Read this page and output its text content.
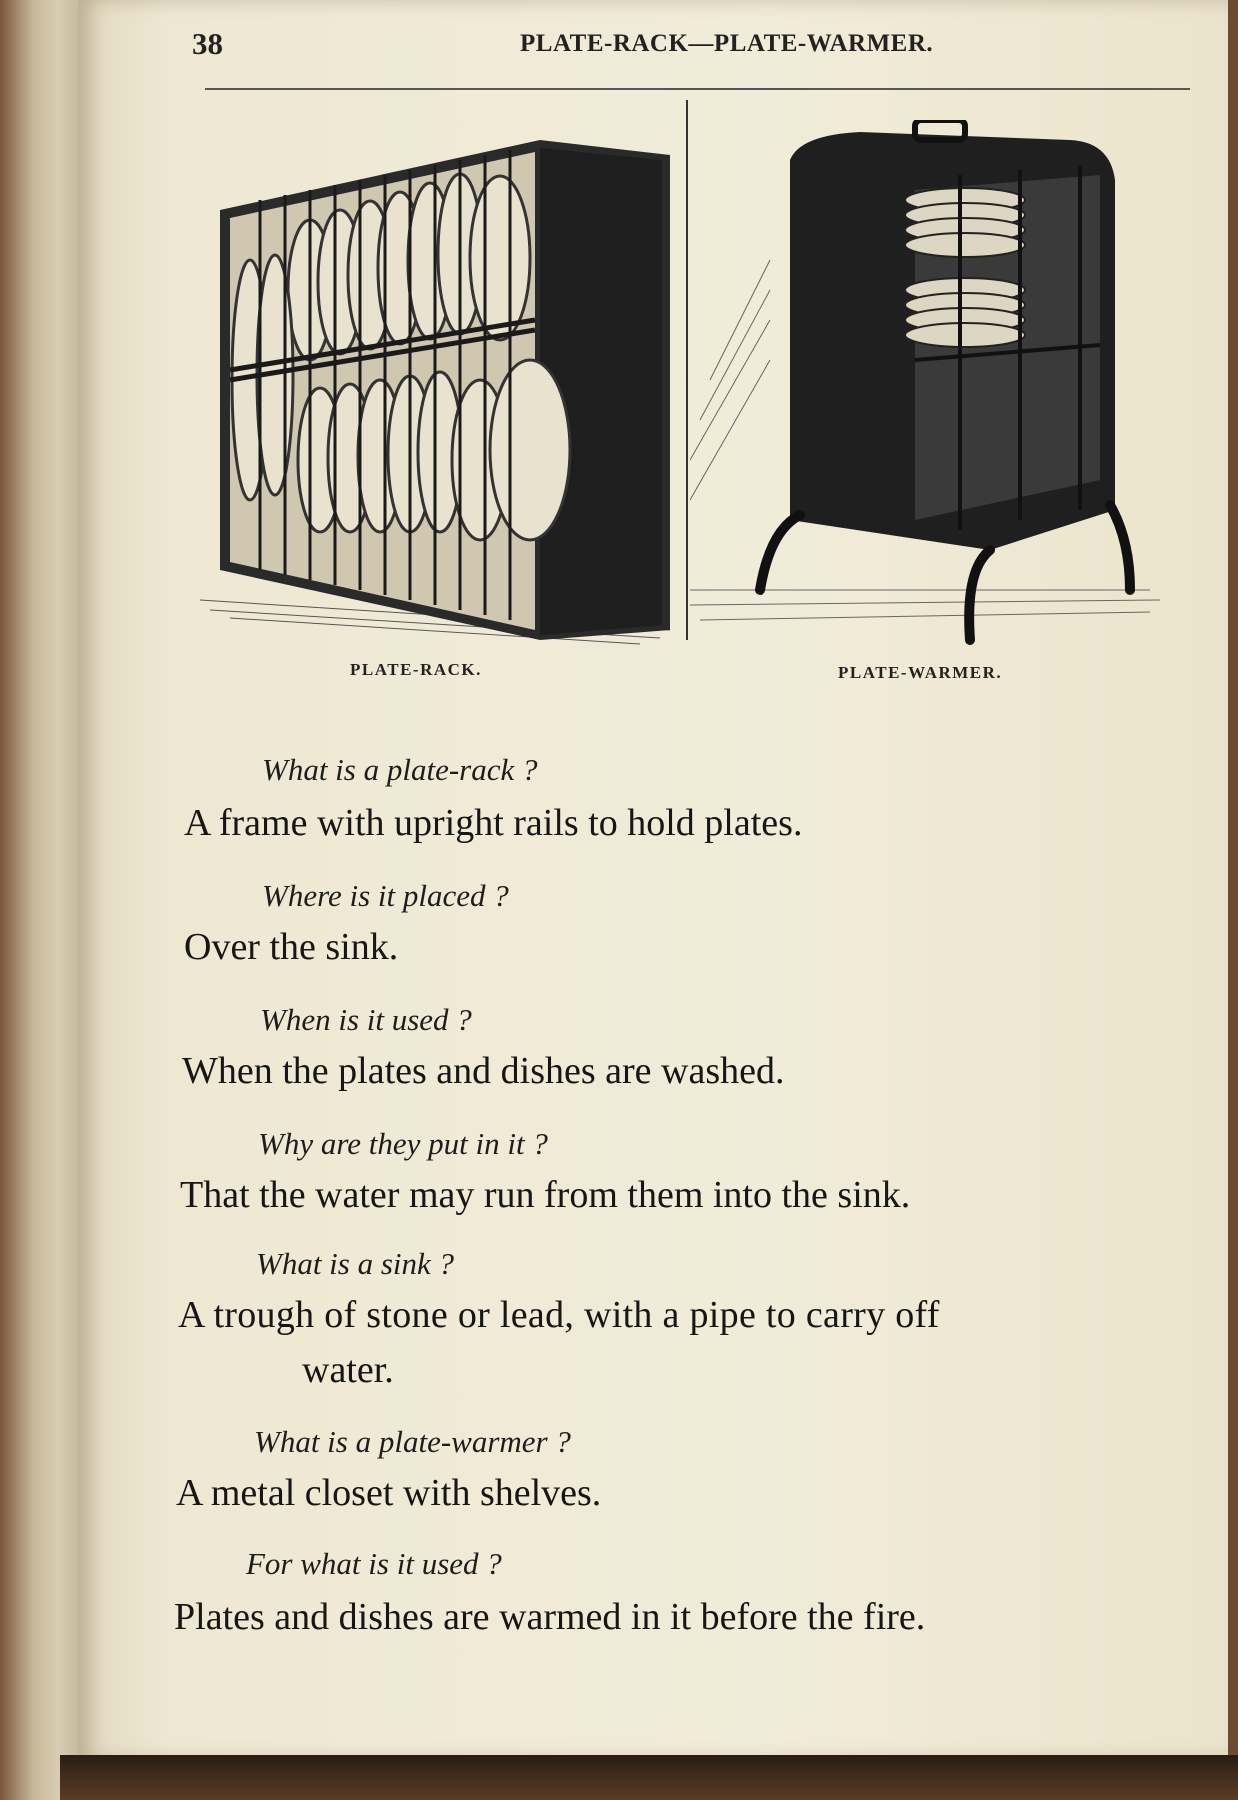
38	PLATE-RACK—PLATE-WARMER.
PLATE-RACK.	PLATE-WARMER.
What is a plate-rack ?
A frame with upright rails to hold plates.
Where is it placed ?
Over the sink.
When is it used ?
When the plates and dishes are washed.
Why are they put in it ?
That the water may run from them into the sink.
What is a sink ?
A trough of stone or lead, with a pipe to carry off
water.
What is a plate-warmer ?
A metal closet with shelves.
For what is it used ?
Plates and dishes are warmed in it before the fire.
